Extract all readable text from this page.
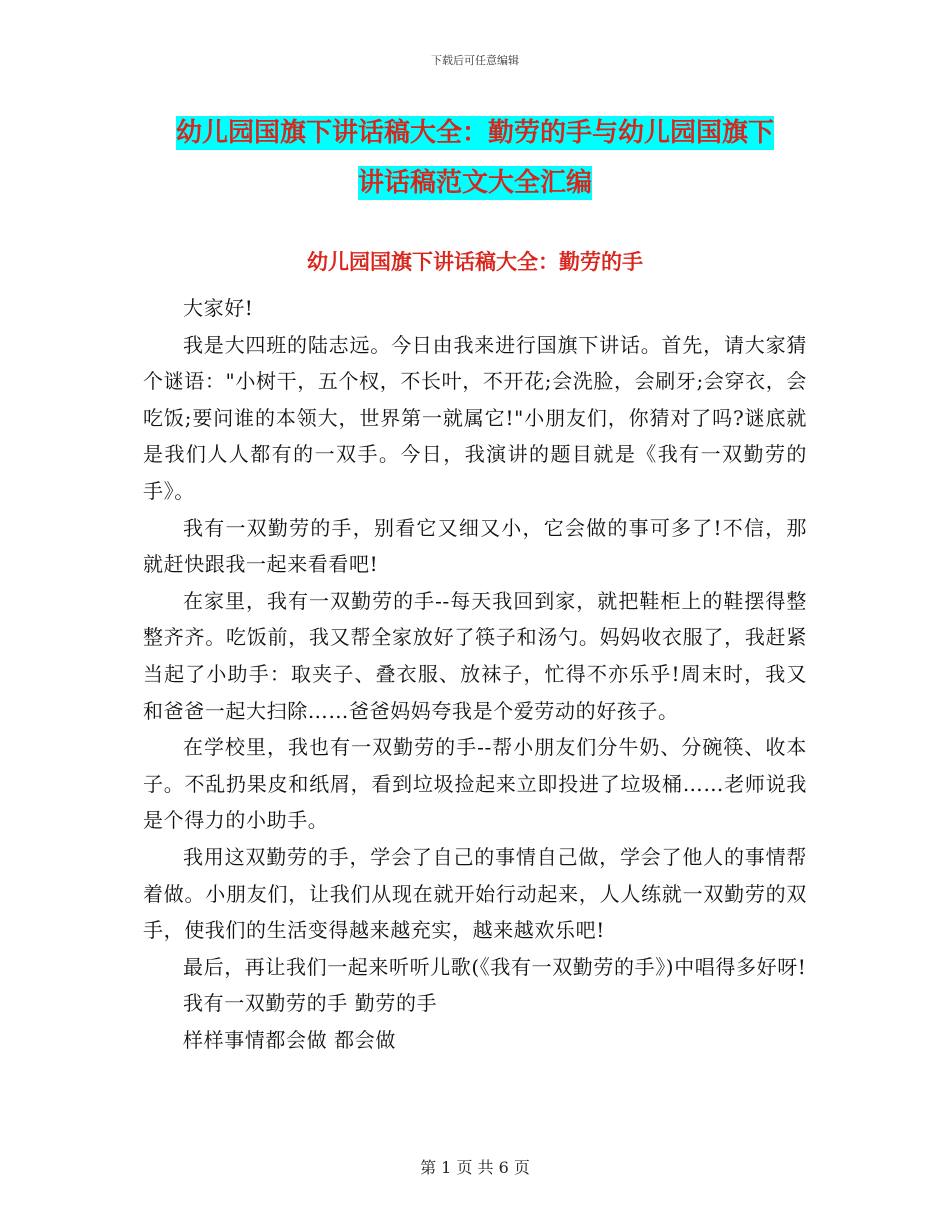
下载后可任意编辑
幼儿园国旗下讲话稿大全：勤劳的手与幼儿园国旗下
讲话稿范文大全汇编
幼儿园国旗下讲话稿大全：勤劳的手

大家好!

我是大四班的陆志远。今日由我来进行国旗下讲话。首先，请大家猜个谜语："小树干，五个杈，不长叶，不开花;会洗脸，会刷牙;会穿衣，会吃饭;要问谁的本领大，世界第一就属它!"小朋友们，你猜对了吗?谜底就是我们人人都有的一双手。今日，我演讲的题目就是《我有一双勤劳的手》。

我有一双勤劳的手，别看它又细又小，它会做的事可多了!不信，那就赶快跟我一起来看看吧!

在家里，我有一双勤劳的手--每天我回到家，就把鞋柜上的鞋摆得整整齐齐。吃饭前，我又帮全家放好了筷子和汤勺。妈妈收衣服了，我赶紧当起了小助手：取夹子、叠衣服、放袜子，忙得不亦乐乎!周末时，我又和爸爸一起大扫除……爸爸妈妈夸我是个爱劳动的好孩子。

在学校里，我也有一双勤劳的手--帮小朋友们分牛奶、分碗筷、收本子。不乱扔果皮和纸屑，看到垃圾捡起来立即投进了垃圾桶……老师说我是个得力的小助手。

我用这双勤劳的手，学会了自己的事情自己做，学会了他人的事情帮着做。小朋友们，让我们从现在就开始行动起来，人人练就一双勤劳的双手，使我们的生活变得越来越充实，越来越欢乐吧!

最后，再让我们一起来听听儿歌(《我有一双勤劳的手》)中唱得多好呀!

我有一双勤劳的手 勤劳的手

样样事情都会做 都会做

第 1 页 共 6 页
